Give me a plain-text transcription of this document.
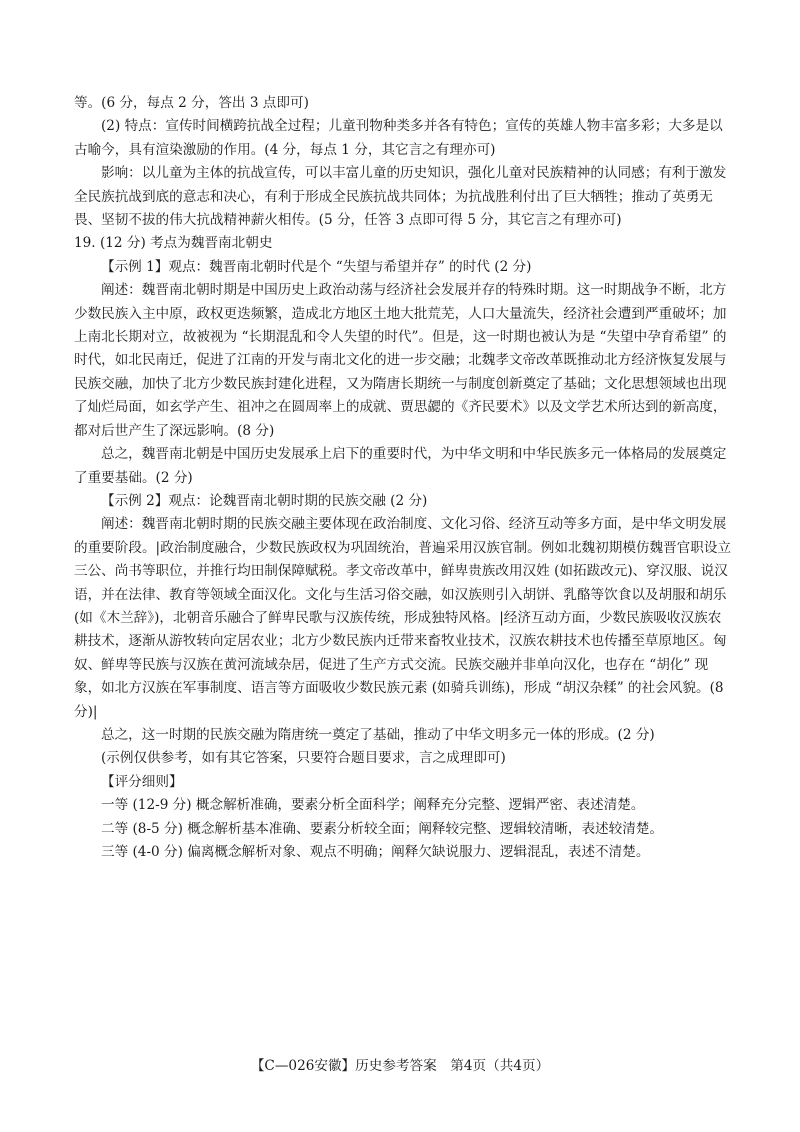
等。(6 分，每点 2 分，答出 3 点即可)

(2) 特点：宣传时间横跨抗战全过程；儿童刊物种类多并各有特色；宣传的英雄人物丰富多彩；大多是以古喻今，具有渲染激励的作用。(4 分，每点 1 分，其它言之有理亦可)

影响：以儿童为主体的抗战宣传，可以丰富儿童的历史知识，强化儿童对民族精神的认同感；有利于激发全民族抗战到底的意志和决心，有利于形成全民族抗战共同体；为抗战胜利付出了巨大牺牲；推动了英勇无畏、坚韧不拔的伟大抗战精神薪火相传。(5 分，任答 3 点即可得 5 分，其它言之有理亦可)

19. (12 分) 考点为魏晋南北朝史

【示例 1】观点：魏晋南北朝时代是个 “失望与希望并存” 的时代 (2 分)

阐述：魏晋南北朝时期是中国历史上政治动荡与经济社会发展并存的特殊时期。这一时期战争不断，北方少数民族入主中原，政权更迭频繁，造成北方地区土地大批荒芜，人口大量流失，经济社会遭到严重破坏；加上南北长期对立，故被视为 “长期混乱和令人失望的时代”。但是，这一时期也被认为是 “失望中孕育希望” 的时代，如北民南迁，促进了江南的开发与南北文化的进一步交融；北魏孝文帝改革既推动北方经济恢复发展与民族交融，加快了北方少数民族封建化进程，又为隋唐长期统一与制度创新奠定了基础；文化思想领域也出现了灿烂局面，如玄学产生、祖冲之在圆周率上的成就、贾思勰的《齐民要术》以及文学艺术所达到的新高度，都对后世产生了深远影响。(8 分)

总之，魏晋南北朝是中国历史发展承上启下的重要时代，为中华文明和中华民族多元一体格局的发展奠定了重要基础。(2 分)

【示例 2】观点：论魏晋南北朝时期的民族交融 (2 分)

阐述：魏晋南北朝时期的民族交融主要体现在政治制度、文化习俗、经济互动等多方面，是中华文明发展的重要阶段。|政治制度融合，少数民族政权为巩固统治，普遍采用汉族官制。例如北魏初期模仿魏晋官职设立三公、尚书等职位，并推行均田制保障赋税。孝文帝改革中，鲜卑贵族改用汉姓 (如拓跋改元)、穿汉服、说汉语，并在法律、教育等领域全面汉化。文化与生活习俗交融，如汉族则引入胡饼、乳酪等饮食以及胡服和胡乐 (如《木兰辞》)，北朝音乐融合了鲜卑民歌与汉族传统，形成独特风格。|经济互动方面，少数民族吸收汉族农耕技术，逐渐从游牧转向定居农业；北方少数民族内迁带来畜牧业技术，汉族农耕技术也传播至草原地区。匈奴、鲜卑等民族与汉族在黄河流域杂居，促进了生产方式交流。民族交融并非单向汉化，也存在 “胡化” 现象，如北方汉族在军事制度、语言等方面吸收少数民族元素 (如骑兵训练)，形成 “胡汉杂糅” 的社会风貌。(8 分)|

总之，这一时期的民族交融为隋唐统一奠定了基础，推动了中华文明多元一体的形成。(2 分)

(示例仅供参考，如有其它答案，只要符合题目要求，言之成理即可)

【评分细则】

一等 (12-9 分) 概念解析准确，要素分析全面科学；阐释充分完整、逻辑严密、表述清楚。

二等 (8-5 分) 概念解析基本准确、要素分析较全面；阐释较完整、逻辑较清晰，表述较清楚。

三等 (4-0 分) 偏离概念解析对象、观点不明确；阐释欠缺说服力、逻辑混乱，表述不清楚。

【C—026安徽】历史参考答案　第4页（共4页）
